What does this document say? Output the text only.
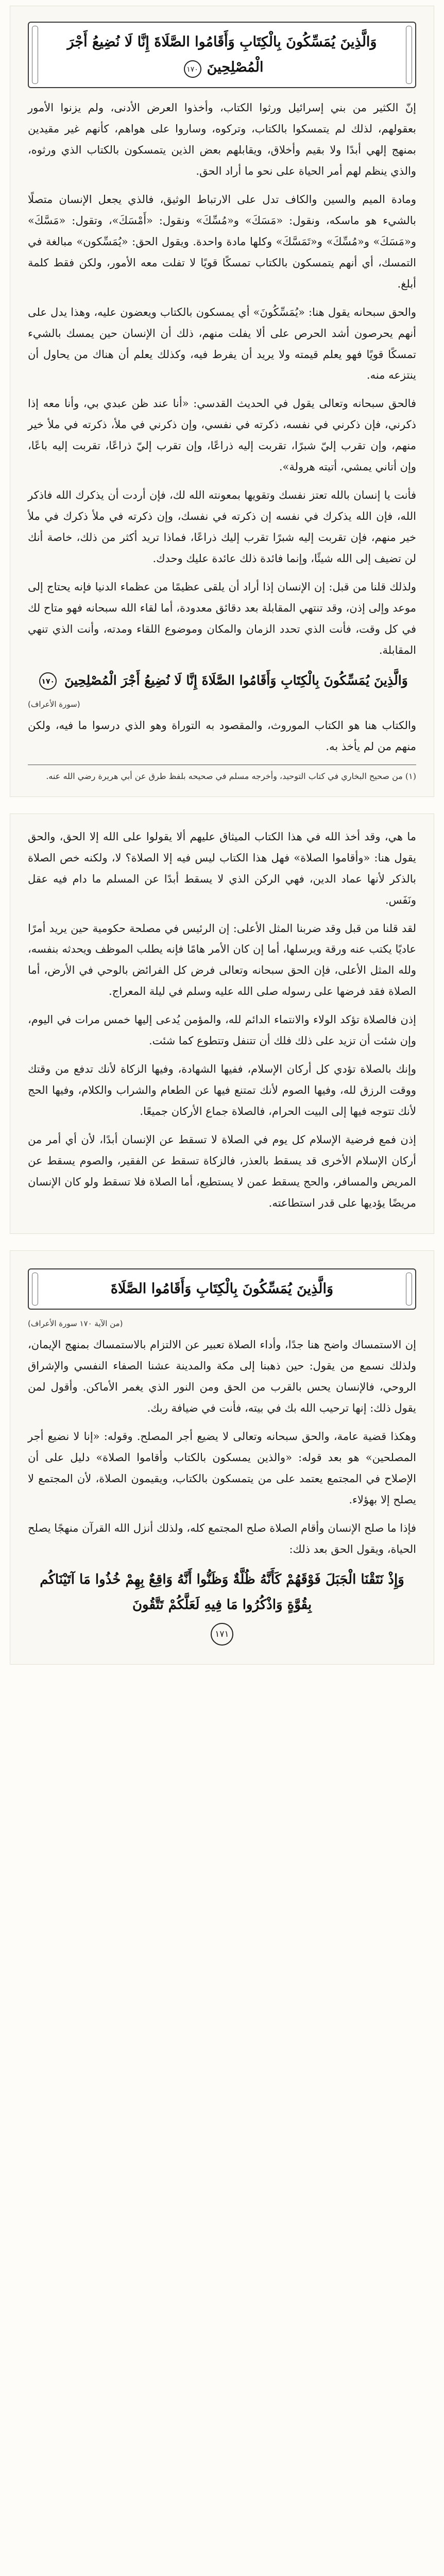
وَالَّذِينَ يُمَسِّكُونَ بِالْكِتَابِ وَأَقَامُوا الصَّلَاةَ إِنَّا لَا نُضِيعُ أَجْرَ الْمُصْلِحِينَ ١٧٠

إنّ الكثير من بني إسرائيل ورثوا الكتاب، وأخذوا العرض الأدنى، ولم يزنوا الأمور بعقولهم، لذلك لم يتمسكوا بالكتاب، وتركوه، وساروا على هواهم، كأنهم غير مقيدين بمنهج إلهي أبدًا ولا بقيم وأخلاق، ويقابلهم بعض الذين يتمسكون بالكتاب الذي ورثوه، والذي ينظم لهم أمر الحياة على نحو ما أراد الحق.

ومادة الميم والسين والكاف تدل على الارتباط الوثيق، فالذي يجعل الإنسان متصلًا بالشيء هو ماسكه، ونقول: «مَسَكَ» و«مُسِّكَ» ونقول: «أَمْسَكَ»، وتقول: «مَسَّكَ» و«مَسَكَ» و«مُسِّكَ» و«تَمَسَّكَ» وكلها مادة واحدة. ويقول الحق: «يُمَسِّكون» مبالغة في التمسك، أي أنهم يتمسكون بالكتاب تمسكًا قويًا لا تفلت معه الأمور، ولكن فقط كلمة أبلغ.

والحق سبحانه يقول هنا: «يُمَسِّكُونَ» أي يمسكون بالكتاب ويعضون عليه، وهذا يدل على أنهم يحرصون أشد الحرص على ألا يفلت منهم، ذلك أن الإنسان حين يمسك بالشيء تمسكًا قويًا فهو يعلم قيمته ولا يريد أن يفرط فيه، وكذلك يعلم أن هناك من يحاول أن ينتزعه منه.

فالحق سبحانه وتعالى يقول في الحديث القدسي: «أنا عند ظن عبدي بي، وأنا معه إذا ذكرني، فإن ذكرني في نفسه، ذكرته في نفسي، وإن ذكرني في ملأ، ذكرته في ملأ خير منهم، وإن تقرب إليّ شبرًا، تقربت إليه ذراعًا، وإن تقرب إليّ ذراعًا، تقربت إليه باعًا، وإن أتاني يمشي، أتيته هرولة».

فأنت يا إنسان بالله تعتز نفسك وتقويها بمعونته الله لك، فإن أردت أن يذكرك الله فاذكر الله، فإن الله يذكرك في نفسه إن ذكرته في نفسك، وإن ذكرته في ملأ ذكرك في ملأ خير منهم، فإن تقربت إليه شبرًا تقرب إليك ذراعًا، فماذا تريد أكثر من ذلك، خاصة أنك لن تضيف إلى الله شيئًا، وإنما فائدة ذلك عائدة عليك وحدك.

ولذلك قلنا من قبل: إن الإنسان إذا أراد أن يلقى عظيمًا من عظماء الدنيا فإنه يحتاج إلى موعد وإلى إذن، وقد تنتهي المقابلة بعد دقائق معدودة، أما لقاء الله سبحانه فهو متاح لك في كل وقت، فأنت الذي تحدد الزمان والمكان وموضوع اللقاء ومدته، وأنت الذي تنهي المقابلة.

وَالَّذِينَ يُمَسِّكُونَ بِالْكِتَابِ وَأَقَامُوا الصَّلَاةَ إِنَّا لَا نُضِيعُ أَجْرَ الْمُصْلِحِينَ ١٧٠
(سورة الأعراف)

والكتاب هنا هو الكتاب الموروث، والمقصود به التوراة وهو الذي درسوا ما فيه، ولكن منهم من لم يأخذ به.

(١) من صحيح البخاري في كتاب التوحيد، وأخرجه مسلم في صحيحه بلفظ طرق عن أبي هريرة رضي الله عنه.

ما هي، وقد أخذ الله في هذا الكتاب الميثاق عليهم ألا يقولوا على الله إلا الحق، والحق يقول هنا: «وأقاموا الصلاة» فهل هذا الكتاب ليس فيه إلا الصلاة؟ لا، ولكنه خص الصلاة بالذكر لأنها عماد الدين، فهي الركن الذي لا يسقط أبدًا عن المسلم ما دام فيه عقل ونَفَس.

لقد قلنا من قبل وقد ضربنا المثل الأعلى: إن الرئيس في مصلحة حكومية حين يريد أمرًا عاديًا يكتب عنه ورقة ويرسلها، أما إن كان الأمر هامًا فإنه يطلب الموظف ويحدثه بنفسه، ولله المثل الأعلى، فإن الحق سبحانه وتعالى فرض كل الفرائض بالوحي في الأرض، أما الصلاة فقد فرضها على رسوله صلى الله عليه وسلم في ليلة المعراج.

إذن فالصلاة تؤكد الولاء والانتماء الدائم لله، والمؤمن يُدعى إليها خمس مرات في اليوم، وإن شئت أن تزيد على ذلك فلك أن تتنفل وتتطوع كما شئت.

وإنك بالصلاة تؤدي كل أركان الإسلام، ففيها الشهادة، وفيها الزكاة لأنك تدفع من وقتك ووقت الرزق لله، وفيها الصوم لأنك تمتنع فيها عن الطعام والشراب والكلام، وفيها الحج لأنك تتوجه فيها إلى البيت الحرام، فالصلاة جماع الأركان جميعًا.

إذن فمع فرضية الإسلام كل يوم في الصلاة لا تسقط عن الإنسان أبدًا، لأن أي أمر من أركان الإسلام الأخرى قد يسقط بالعذر، فالزكاة تسقط عن الفقير، والصوم يسقط عن المريض والمسافر، والحج يسقط عمن لا يستطيع، أما الصلاة فلا تسقط ولو كان الإنسان مريضًا يؤديها على قدر استطاعته.

وَالَّذِينَ يُمَسِّكُونَ بِالْكِتَابِ وَأَقَامُوا الصَّلَاةَ
(من الآية ١٧٠ سورة الأعراف)

إن الاستمساك واضح هنا جدًا، وأداء الصلاة تعبير عن الالتزام بالاستمساك بمنهج الإيمان، ولذلك نسمع من يقول: حين ذهبنا إلى مكة والمدينة عشنا الصفاء النفسي والإشراق الروحي، فالإنسان يحس بالقرب من الحق ومن النور الذي يغمر الأماكن. وأقول لمن يقول ذلك: إنها ترحيب الله بك في بيته، فأنت في ضيافة ربك.

وهكذا قضية عامة، والحق سبحانه وتعالى لا يضيع أجر المصلح. وقوله: «إنا لا نضيع أجر المصلحين» هو بعد قوله: «والذين يمسكون بالكتاب وأقاموا الصلاة» دليل على أن الإصلاح في المجتمع يعتمد على من يتمسكون بالكتاب، ويقيمون الصلاة، لأن المجتمع لا يصلح إلا بهؤلاء.

فإذا ما صلح الإنسان وأقام الصلاة صلح المجتمع كله، ولذلك أنزل الله القرآن منهجًا يصلح الحياة، ويقول الحق بعد ذلك:

وَإِذْ نَتَقْنَا الْجَبَلَ فَوْقَهُمْ كَأَنَّهُ ظُلَّةٌ وَظَنُّوا أَنَّهُ وَاقِعٌ بِهِمْ خُذُوا مَا آتَيْنَاكُم بِقُوَّةٍ وَاذْكُرُوا مَا فِيهِ لَعَلَّكُمْ تَتَّقُونَ
١٧١
